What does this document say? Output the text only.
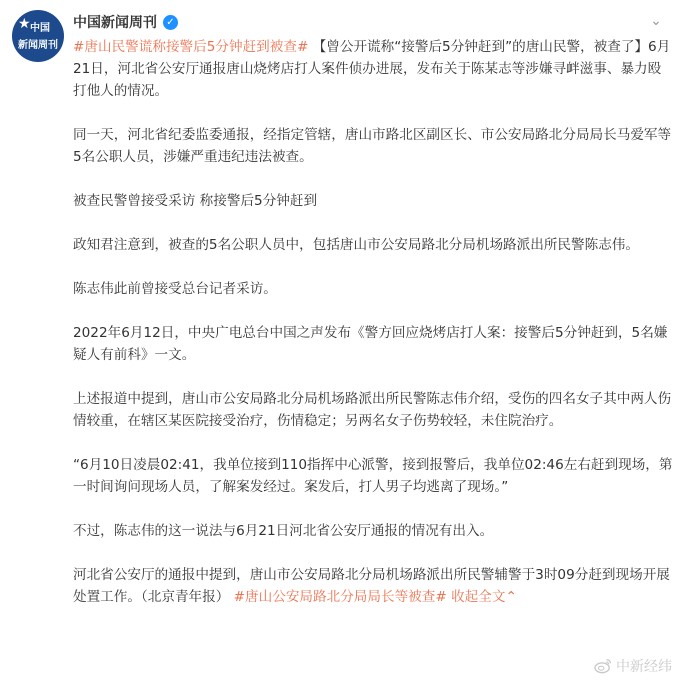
★ 中国
新闻周刊
中国新闻周刊 ✓	⌄
#唐山民警谎称接警后5分钟赶到被查# 【曾公开谎称“接警后5分钟赶到”的唐山民警，被查了】6月21日，河北省公安厅通报唐山烧烤店打人案件侦办进展，发布关于陈某志等涉嫌寻衅滋事、暴力殴打他人的情况。
同一天，河北省纪委监委通报，经指定管辖，唐山市路北区副区长、市公安局路北分局局长马爱军等5名公职人员，涉嫌严重违纪违法被查。
被查民警曾接受采访 称接警后5分钟赶到
政知君注意到，被查的5名公职人员中，包括唐山市公安局路北分局机场路派出所民警陈志伟。
陈志伟此前曾接受总台记者采访。
2022年6月12日，中央广电总台中国之声发布《警方回应烧烤店打人案：接警后5分钟赶到，5名嫌疑人有前科》一文。
上述报道中提到，唐山市公安局路北分局机场路派出所民警陈志伟介绍，受伤的四名女子其中两人伤情较重，在辖区某医院接受治疗，伤情稳定；另两名女子伤势较轻，未住院治疗。
“6月10日凌晨02:41，我单位接到110指挥中心派警，接到报警后，我单位02:46左右赶到现场，第一时间询问现场人员，了解案发经过。案发后，打人男子均逃离了现场。”
不过，陈志伟的这一说法与6月21日河北省公安厅通报的情况有出入。
河北省公安厅的通报中提到，唐山市公安局路北分局机场路派出所民警辅警于3时09分赶到现场开展处置工作。（北京青年报） #唐山公安局路北分局局长等被查# 收起全文⌃
中新经纬
